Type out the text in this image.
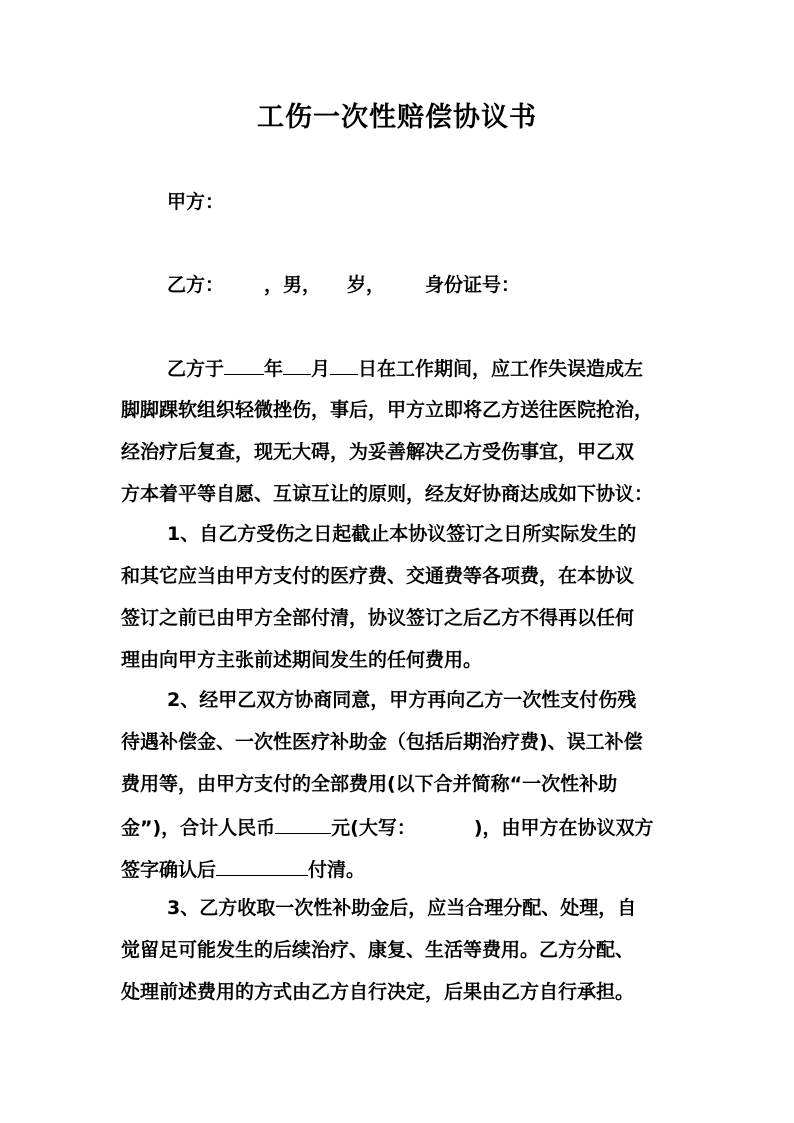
工伤一次性赔偿协议书
甲方：
乙方： ，男， 岁， 身份证号：
乙方于 年 月 日在工作期间，应工作失误造成左
脚脚踝软组织轻微挫伤，事后，甲方立即将乙方送往医院抢治，
经治疗后复查，现无大碍，为妥善解决乙方受伤事宜，甲乙双
方本着平等自愿、互谅互让的原则，经友好协商达成如下协议：
1、自乙方受伤之日起截止本协议签订之日所实际发生的
和其它应当由甲方支付的医疗费、交通费等各项费，在本协议
签订之前已由甲方全部付清，协议签订之后乙方不得再以任何
理由向甲方主张前述期间发生的任何费用。
2、经甲乙双方协商同意，甲方再向乙方一次性支付伤残
待遇补偿金、一次性医疗补助金（包括后期治疗费)、误工补偿
费用等，由甲方支付的全部费用(以下合并简称“一次性补助
金”)，合计人民币	元(大写：	)，由甲方在协议双方
签字确认后	付清。
3、乙方收取一次性补助金后，应当合理分配、处理，自
觉留足可能发生的后续治疗、康复、生活等费用。乙方分配、
处理前述费用的方式由乙方自行决定，后果由乙方自行承担。
